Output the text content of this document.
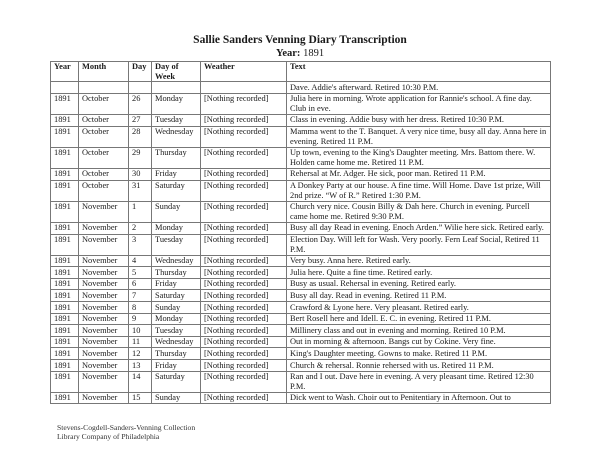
Sallie Sanders Venning Diary Transcription
Year: 1891
Year	Month	Day	Day of Week	Weather	Text
					Dave. Addie's afterward. Retired 10:30 P.M.
1891	October	26	Monday	[Nothing recorded]	Julia here in morning. Wrote application for Rannie's school. A fine day. Club in eve.
1891	October	27	Tuesday	[Nothing recorded]	Class in evening. Addie busy with her dress. Retired 10:30 P.M.
1891	October	28	Wednesday	[Nothing recorded]	Mamma went to the T. Banquet. A very nice time, busy all day. Anna here in evening. Retired 11 P.M.
1891	October	29	Thursday	[Nothing recorded]	Up town, evening to the King's Daughter meeting. Mrs. Battom there. W. Holden came home me. Retired 11 P.M.
1891	October	30	Friday	[Nothing recorded]	Rehersal at Mr. Adger. He sick, poor man. Retired 11 P.M.
1891	October	31	Saturday	[Nothing recorded]	A Donkey Party at our house. A fine time. Will Home. Dave 1st prize, Will 2nd prize. “W of R.” Retired 1:30 P.M.
1891	November	1	Sunday	[Nothing recorded]	Church very nice. Cousin Billy & Dah here. Church in evening. Purcell came home me. Retired 9:30 P.M.
1891	November	2	Monday	[Nothing recorded]	Busy all day Read in evening. Enoch Arden.” Wilie here sick. Retired early.
1891	November	3	Tuesday	[Nothing recorded]	Election Day. Will left for Wash. Very poorly. Fern Leaf Social, Retired 11 P.M.
1891	November	4	Wednesday	[Nothing recorded]	Very busy. Anna here. Retired early.
1891	November	5	Thursday	[Nothing recorded]	Julia here. Quite a fine time. Retired early.
1891	November	6	Friday	[Nothing recorded]	Busy as usual. Rehersal in evening. Retired early.
1891	November	7	Saturday	[Nothing recorded]	Busy all day. Read in evening. Retired 11 P.M.
1891	November	8	Sunday	[Nothing recorded]	Crawford & Lyone here. Very pleasant. Retired early.
1891	November	9	Monday	[Nothing recorded]	Bert Rosell here and Idell. E. C. in evening. Retired 11 P.M.
1891	November	10	Tuesday	[Nothing recorded]	Millinery class and out in evening and morning. Retired 10 P.M.
1891	November	11	Wednesday	[Nothing recorded]	Out in morning & afternoon. Bangs cut by Cokine. Very fine.
1891	November	12	Thursday	[Nothing recorded]	King's Daughter meeting. Gowns to make. Retired 11 P.M.
1891	November	13	Friday	[Nothing recorded]	Church & rehersal. Ronnie rehersed with us. Retired 11 P.M.
1891	November	14	Saturday	[Nothing recorded]	Ran and I out. Dave here in evening. A very pleasant time. Retired 12:30 P.M.
1891	November	15	Sunday	[Nothing recorded]	Dick went to Wash. Choir out to Penitentiary in Afternoon. Out to
Stevens-Cogdell-Sanders-Venning Collection
Library Company of Philadelphia
